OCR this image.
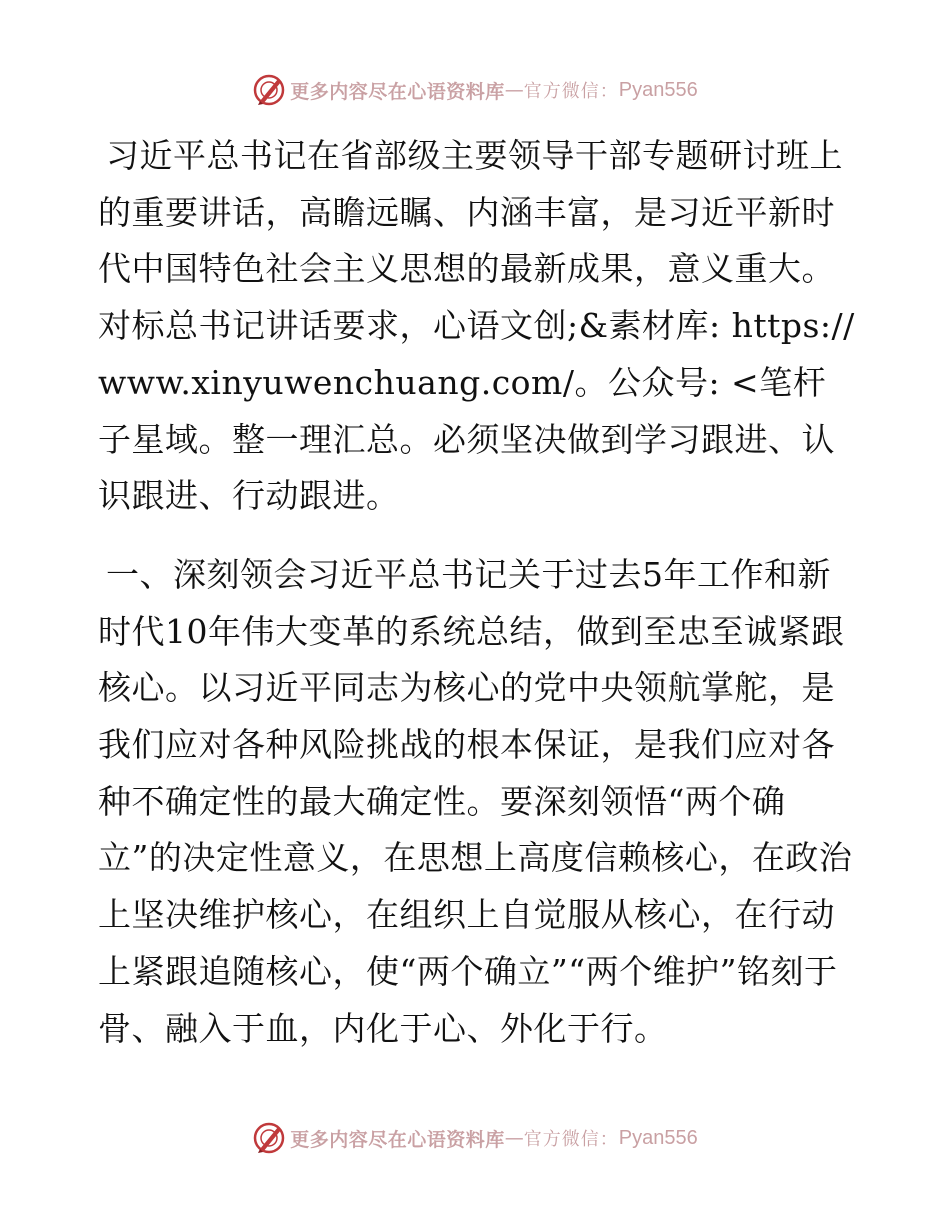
更多内容尽在心语资料库 — 官方微信： Pyan556

习近平总书记在省部级主要领导干部专题研讨班上的重要讲话，高瞻远瞩、内涵丰富，是习近平新时代中国特色社会主义思想的最新成果，意义重大。对标总书记讲话要求，心语文创;&素材库: https://www.xinyuwenchuang.com/。公众号: <笔杆子星域。整一理汇总。必须坚决做到学习跟进、认识跟进、行动跟进。

一、深刻领会习近平总书记关于过去5年工作和新时代10年伟大变革的系统总结，做到至忠至诚紧跟核心。以习近平同志为核心的党中央领航掌舵，是我们应对各种风险挑战的根本保证，是我们应对各种不确定性的最大确定性。要深刻领悟“两个确立”的决定性意义，在思想上高度信赖核心，在政治上坚决维护核心，在组织上自觉服从核心，在行动上紧跟追随核心，使“两个确立”“两个维护”铭刻于骨、融入于血，内化于心、外化于行。

更多内容尽在心语资料库 — 官方微信： Pyan556
